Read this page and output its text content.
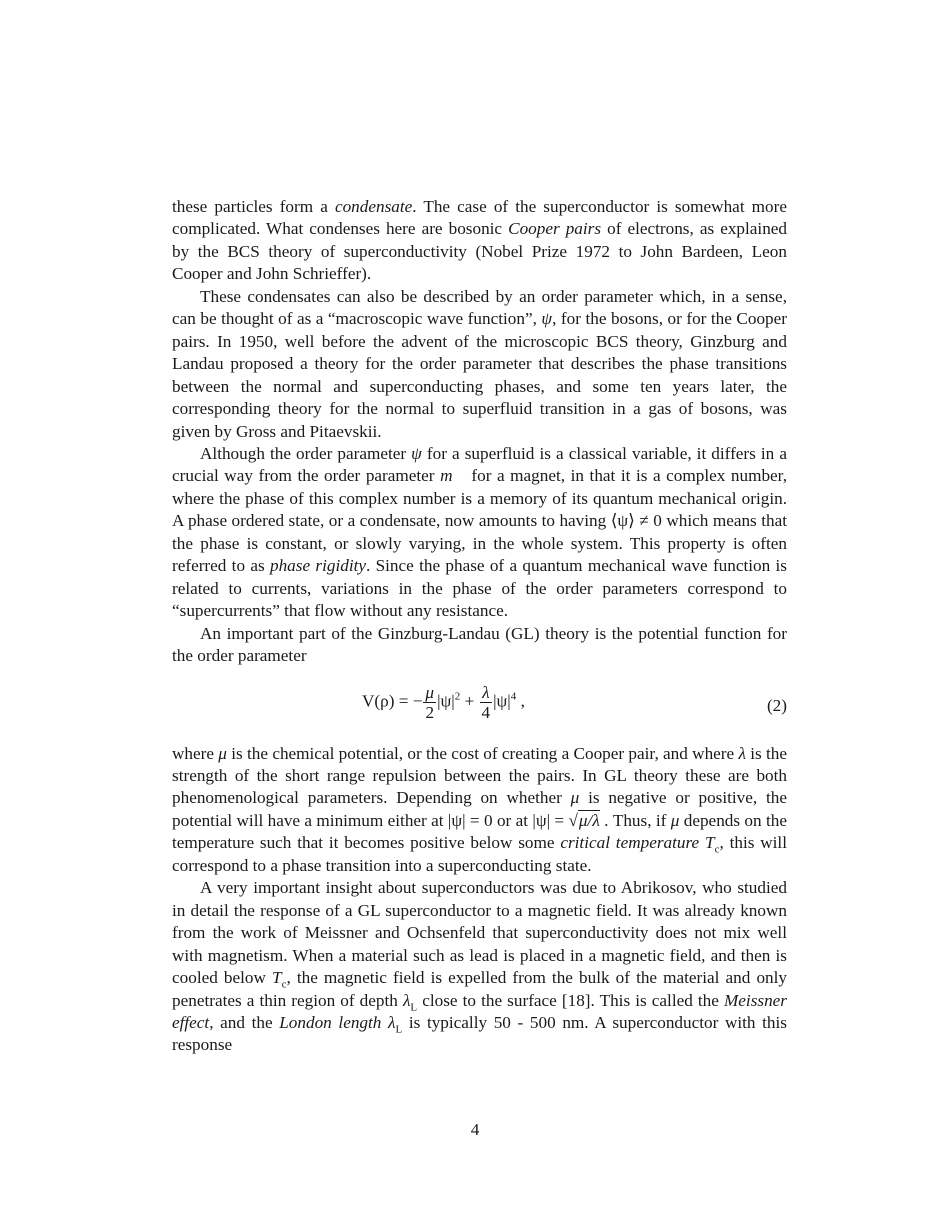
these particles form a condensate. The case of the superconductor is somewhat more complicated. What condenses here are bosonic Cooper pairs of electrons, as explained by the BCS theory of superconductivity (Nobel Prize 1972 to John Bardeen, Leon Cooper and John Schrieffer).

These condensates can also be described by an order parameter which, in a sense, can be thought of as a “macroscopic wave function”, ψ, for the bosons, or for the Cooper pairs. In 1950, well before the advent of the microscopic BCS theory, Ginzburg and Landau proposed a theory for the order parameter that describes the phase transitions between the normal and superconducting phases, and some ten years later, the corresponding theory for the normal to superfluid transition in a gas of bosons, was given by Gross and Pitaevskii.

Although the order parameter ψ for a superfluid is a classical variable, it differs in a crucial way from the order parameter m⃗ for a magnet, in that it is a complex number, where the phase of this complex number is a memory of its quantum mechanical origin. A phase ordered state, or a condensate, now amounts to having ⟨ψ⟩ ≠ 0 which means that the phase is constant, or slowly varying, in the whole system. This property is often referred to as phase rigidity. Since the phase of a quantum mechanical wave function is related to currents, variations in the phase of the order parameters correspond to “supercurrents” that flow without any resistance.

An important part of the Ginzburg-Landau (GL) theory is the potential function for the order parameter

V(ρ) = − $\frac{\mu}{2} |\psi|^2 + \frac{\lambda}{4} |\psi|^4$ ,	(2)

where μ is the chemical potential, or the cost of creating a Cooper pair, and where λ is the strength of the short range repulsion between the pairs. In GL theory these are both phenomenological parameters. Depending on whether μ is negative or positive, the potential will have a minimum either at |ψ| = 0 or at |ψ| = √μ/λ . Thus, if μ depends on the temperature such that it becomes positive below some critical temperature $T_c$, this will correspond to a phase transition into a superconducting state.

A very important insight about superconductors was due to Abrikosov, who studied in detail the response of a GL superconductor to a magnetic field. It was already known from the work of Meissner and Ochsenfeld that superconductivity does not mix well with magnetism. When a material such as lead is placed in a magnetic field, and then is cooled below $T_c$, the magnetic field is expelled from the bulk of the material and only penetrates a thin region of depth $\lambda_L$ close to the surface [18]. This is called the Meissner effect, and the London length $\lambda_L$ is typically 50 - 500 nm. A superconductor with this response

4
